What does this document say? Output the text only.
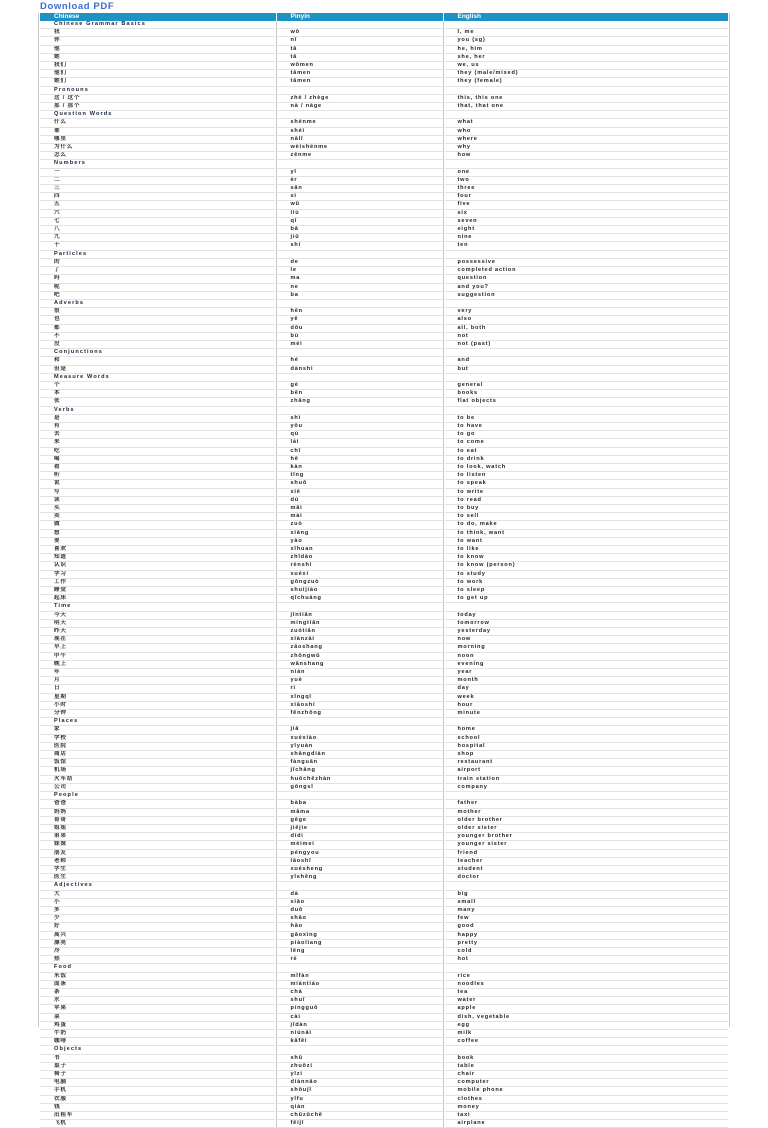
Download PDF
Chinese	Pinyin	English
Chinese Grammar Basics		
我	wǒ	I, me
你	nǐ	you (sg)
他	tā	he, him
她	tā	she, her
我们	wǒmen	we, us
他们	tāmen	they (male/mixed)
她们	tāmen	they (female)
Pronouns		
这 / 这个	zhè / zhège	this, this one
那 / 那个	nà / nàge	that, that one
Question Words		
什么	shénme	what
谁	shéi	who
哪里	nǎlǐ	where
为什么	wèishénme	why
怎么	zěnme	how
Numbers		
一	yī	one
二	èr	two
三	sān	three
四	sì	four
五	wǔ	five
六	liù	six
七	qī	seven
八	bā	eight
九	jiǔ	nine
十	shí	ten
Particles		
的	de	possessive
了	le	completed action
吗	ma	question
呢	ne	and you?
吧	ba	suggestion
Adverbs		
很	hěn	very
也	yě	also
都	dōu	all, both
不	bù	not
没	méi	not (past)
Conjunctions		
和	hé	and
但是	dànshì	but
Measure Words		
个	gè	general
本	běn	books
张	zhāng	flat objects
Verbs		
是	shì	to be
有	yǒu	to have
去	qù	to go
来	lái	to come
吃	chī	to eat
喝	hē	to drink
看	kàn	to look, watch
听	tīng	to listen
说	shuō	to speak
写	xiě	to write
读	dú	to read
买	mǎi	to buy
卖	mài	to sell
做	zuò	to do, make
想	xiǎng	to think, want
要	yào	to want
喜欢	xǐhuan	to like
知道	zhīdào	to know
认识	rènshi	to know (person)
学习	xuéxí	to study
工作	gōngzuò	to work
睡觉	shuìjiào	to sleep
起床	qǐchuáng	to get up
Time		
今天	jīntiān	today
明天	míngtiān	tomorrow
昨天	zuótiān	yesterday
现在	xiànzài	now
早上	zǎoshang	morning
中午	zhōngwǔ	noon
晚上	wǎnshang	evening
年	nián	year
月	yuè	month
日	rì	day
星期	xīngqī	week
小时	xiǎoshí	hour
分钟	fēnzhōng	minute
Places		
家	jiā	home
学校	xuéxiào	school
医院	yīyuàn	hospital
商店	shāngdiàn	shop
饭馆	fànguǎn	restaurant
机场	jīchǎng	airport
火车站	huǒchēzhàn	train station
公司	gōngsī	company
People		
爸爸	bàba	father
妈妈	māma	mother
哥哥	gēge	older brother
姐姐	jiějie	older sister
弟弟	dìdi	younger brother
妹妹	mèimei	younger sister
朋友	péngyou	friend
老师	lǎoshī	teacher
学生	xuésheng	student
医生	yīshēng	doctor
Adjectives		
大	dà	big
小	xiǎo	small
多	duō	many
少	shǎo	few
好	hǎo	good
高兴	gāoxìng	happy
漂亮	piàoliang	pretty
冷	lěng	cold
热	rè	hot
Food		
米饭	mǐfàn	rice
面条	miàntiáo	noodles
茶	chá	tea
水	shuǐ	water
苹果	píngguǒ	apple
菜	cài	dish, vegetable
鸡蛋	jīdàn	egg
牛奶	niúnǎi	milk
咖啡	kāfēi	coffee
Objects		
书	shū	book
桌子	zhuōzi	table
椅子	yǐzi	chair
电脑	diànnǎo	computer
手机	shǒujī	mobile phone
衣服	yīfu	clothes
钱	qián	money
出租车	chūzūchē	taxi
飞机	fēijī	airplane
